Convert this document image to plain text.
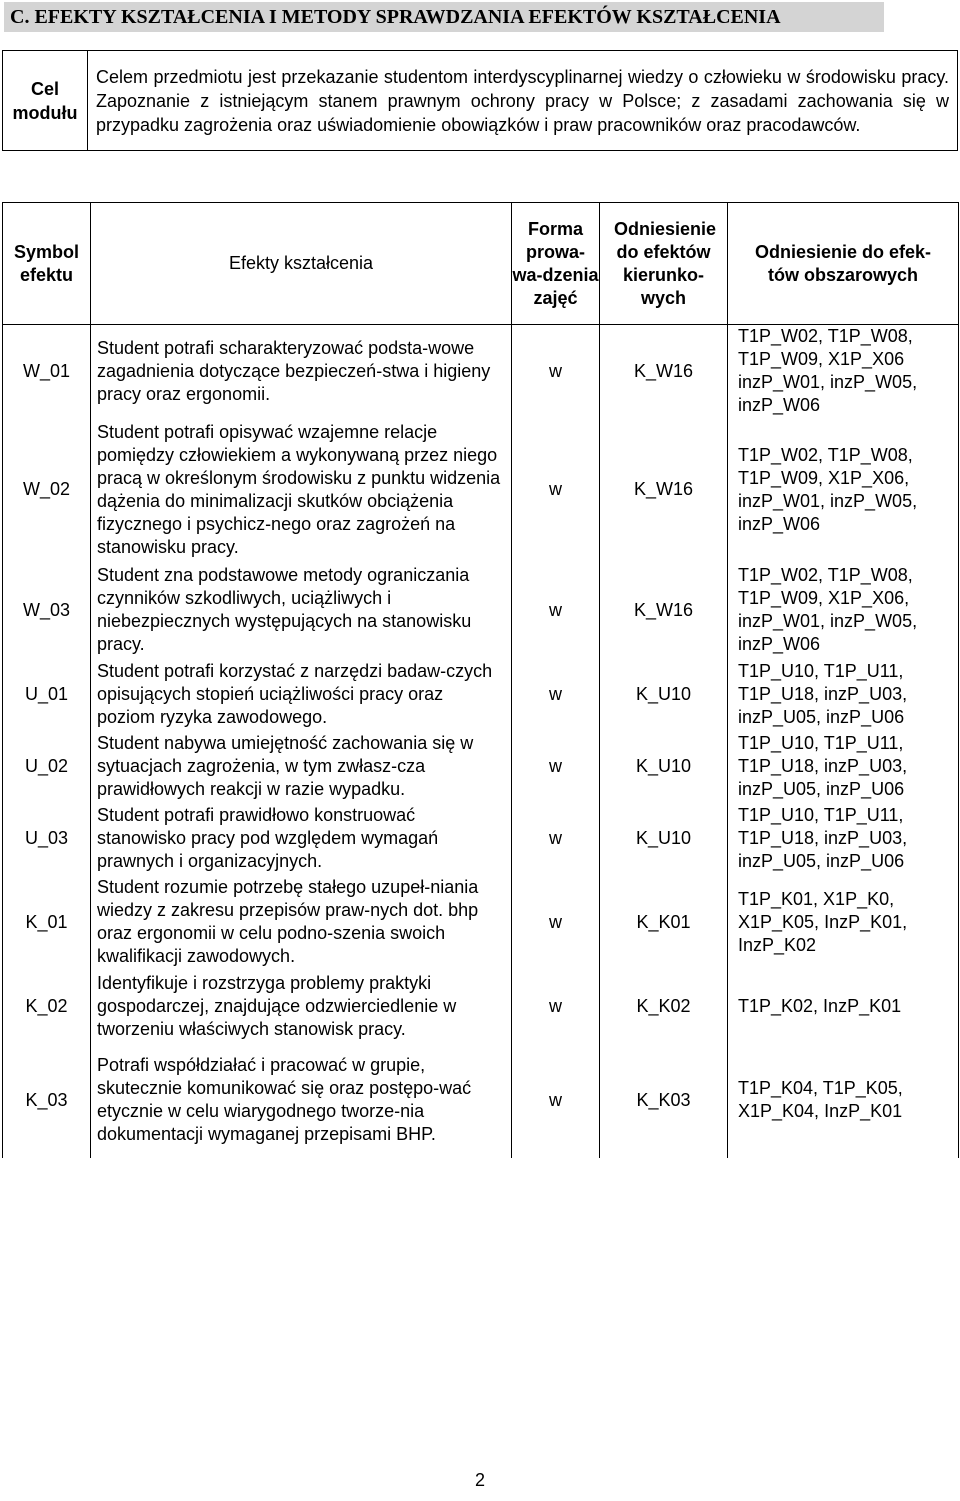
C. EFEKTY KSZTAŁCENIA I METODY SPRAWDZANIA EFEKTÓW KSZTAŁCENIA
Cel modułu	Celem przedmiotu jest przekazanie studentom interdyscyplinarnej wiedzy o człowieku w środowisku pracy. Zapoznanie z istniejącym stanem prawnym ochrony pracy w Polsce; z zasadami zachowania się w przypadku zagrożenia oraz uświadomienie obowiązków i praw pracowników oraz pracodawców.
Symbol efektu	Efekty kształcenia	Forma prowa-wa-dzenia zajęć	Odniesienie do efektów kierunko-wych	Odniesienie do efek-tów obszarowych
W_01	Student potrafi scharakteryzować podsta-wowe zagadnienia dotyczące bezpieczeń-stwa i higieny pracy oraz ergonomii.	w	K_W16	T1P_W02, T1P_W08, T1P_W09, X1P_X06 inzP_W01, inzP_W05, inzP_W06
W_02	Student potrafi opisywać wzajemne relacje pomiędzy człowiekiem a wykonywaną przez niego pracą w określonym środowisku z punktu widzenia dążenia do minimalizacji skutków obciążenia fizycznego i psychicz-nego oraz zagrożeń na stanowisku pracy.	w	K_W16	T1P_W02, T1P_W08, T1P_W09, X1P_X06, inzP_W01, inzP_W05, inzP_W06
W_03	Student zna podstawowe metody ograniczania czynników szkodliwych, uciążliwych i niebezpiecznych występujących na stanowisku pracy.	w	K_W16	T1P_W02, T1P_W08, T1P_W09, X1P_X06, inzP_W01, inzP_W05, inzP_W06
U_01	Student potrafi korzystać z narzędzi badaw-czych opisujących stopień uciążliwości pracy oraz poziom ryzyka zawodowego.	w	K_U10	T1P_U10, T1P_U11, T1P_U18, inzP_U03, inzP_U05, inzP_U06
U_02	Student nabywa umiejętność zachowania się w sytuacjach zagrożenia, w tym zwłasz-cza prawidłowych reakcji w razie wypadku.	w	K_U10	T1P_U10, T1P_U11, T1P_U18, inzP_U03, inzP_U05, inzP_U06
U_03	Student potrafi prawidłowo konstruować stanowisko pracy pod względem wymagań prawnych i organizacyjnych.	w	K_U10	T1P_U10, T1P_U11, T1P_U18, inzP_U03, inzP_U05, inzP_U06
K_01	Student rozumie potrzebę stałego uzupeł-niania wiedzy z zakresu przepisów praw-nych dot. bhp oraz ergonomii w celu podno-szenia swoich kwalifikacji zawodowych.	w	K_K01	T1P_K01, X1P_K0, X1P_K05, InzP_K01, InzP_K02
K_02	Identyfikuje i rozstrzyga problemy praktyki gospodarczej, znajdujące odzwierciedlenie w tworzeniu właściwych stanowisk pracy.	w	K_K02	T1P_K02, InzP_K01
K_03	Potrafi współdziałać i pracować w grupie, skutecznie komunikować się oraz postępo-wać etycznie w celu wiarygodnego tworze-nia dokumentacji wymaganej przepisami BHP.	w	K_K03	T1P_K04, T1P_K05, X1P_K04, InzP_K01
2
